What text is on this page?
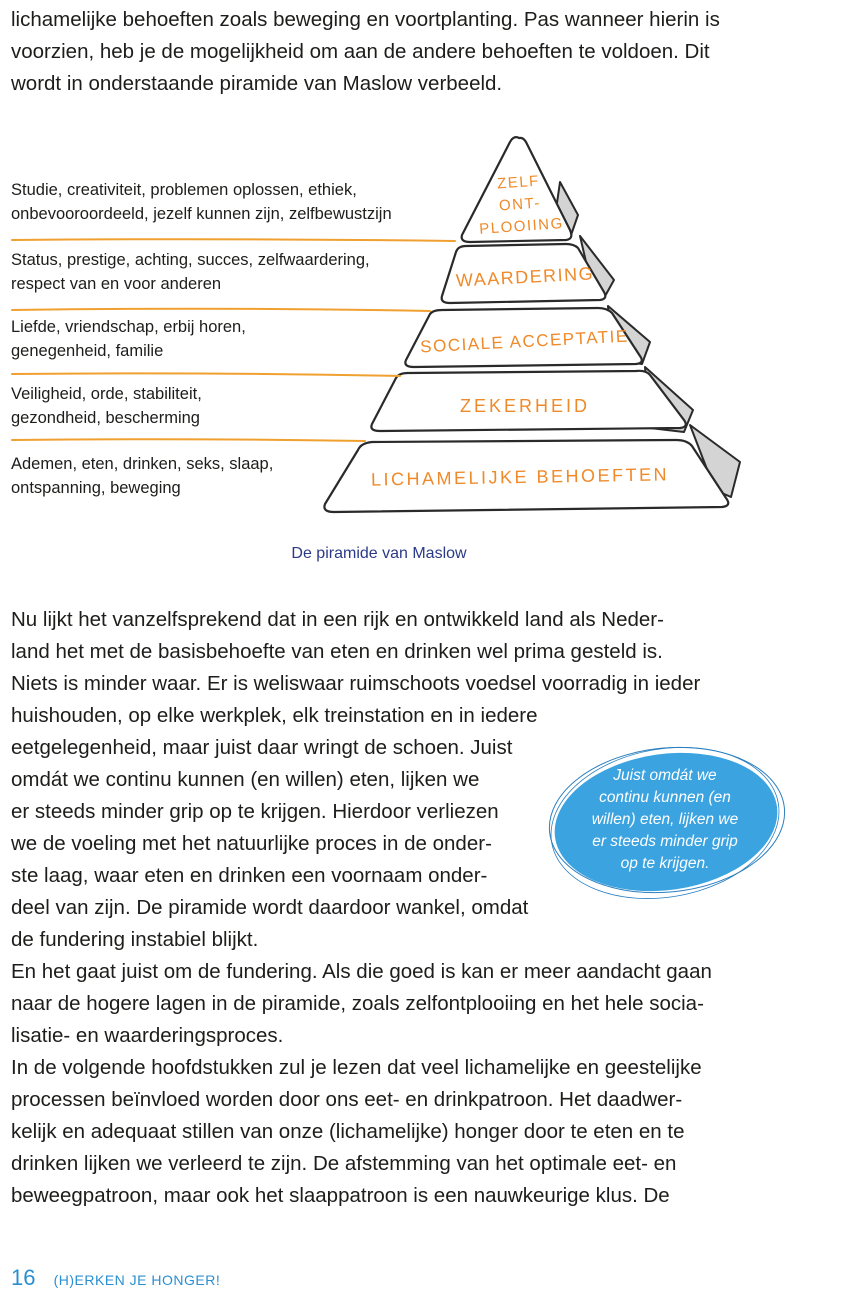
lichamelijke behoeften zoals beweging en voortplanting. Pas wanneer hierin is
voorzien, heb je de mogelijkheid om aan de andere behoeften te voldoen. Dit
wordt in onderstaande piramide van Maslow verbeeld.
ZELF
ONT-
PLOOIING
WAARDERING
SOCIALE ACCEPTATIE
ZEKERHEID
LICHAMELIJKE BEHOEFTEN
Studie, creativiteit, problemen oplossen, ethiek,
onbevooroordeeld, jezelf kunnen zijn, zelfbewustzijn
Status, prestige, achting, succes, zelfwaardering,
respect van en voor anderen
Liefde, vriendschap, erbij horen,
genegenheid, familie
Veiligheid, orde, stabiliteit,
gezondheid, bescherming
Ademen, eten, drinken, seks, slaap,
ontspanning, beweging
De piramide van Maslow
Nu lijkt het vanzelfsprekend dat in een rijk en ontwikkeld land als Neder-
land het met de basisbehoefte van eten en drinken wel prima gesteld is.
Niets is minder waar. Er is weliswaar ruimschoots voedsel voorradig in ieder
huishouden, op elke werkplek, elk treinstation en in iedere
eetgelegenheid, maar juist daar wringt de schoen. Juist
omdát we continu kunnen (en willen) eten, lijken we
er steeds minder grip op te krijgen. Hierdoor verliezen
we de voeling met het natuurlijke proces in de onder-
ste laag, waar eten en drinken een voornaam onder-
deel van zijn. De piramide wordt daardoor wankel, omdat
de fundering instabiel blijkt.
En het gaat juist om de fundering. Als die goed is kan er meer aandacht gaan
naar de hogere lagen in de piramide, zoals zelfontplooiing en het hele socia-
lisatie- en waarderingsproces.
In de volgende hoofdstukken zul je lezen dat veel lichamelijke en geestelijke
processen beïnvloed worden door ons eet- en drinkpatroon. Het daadwer-
kelijk en adequaat stillen van onze (lichamelijke) honger door te eten en te
drinken lijken we verleerd te zijn. De afstemming van het optimale eet- en
beweegpatroon, maar ook het slaappatroon is een nauwkeurige klus. De
Juist omdát we
continu kunnen (en
willen) eten, lijken we
er steeds minder grip
op te krijgen.
16 (H)ERKEN JE HONGER!
